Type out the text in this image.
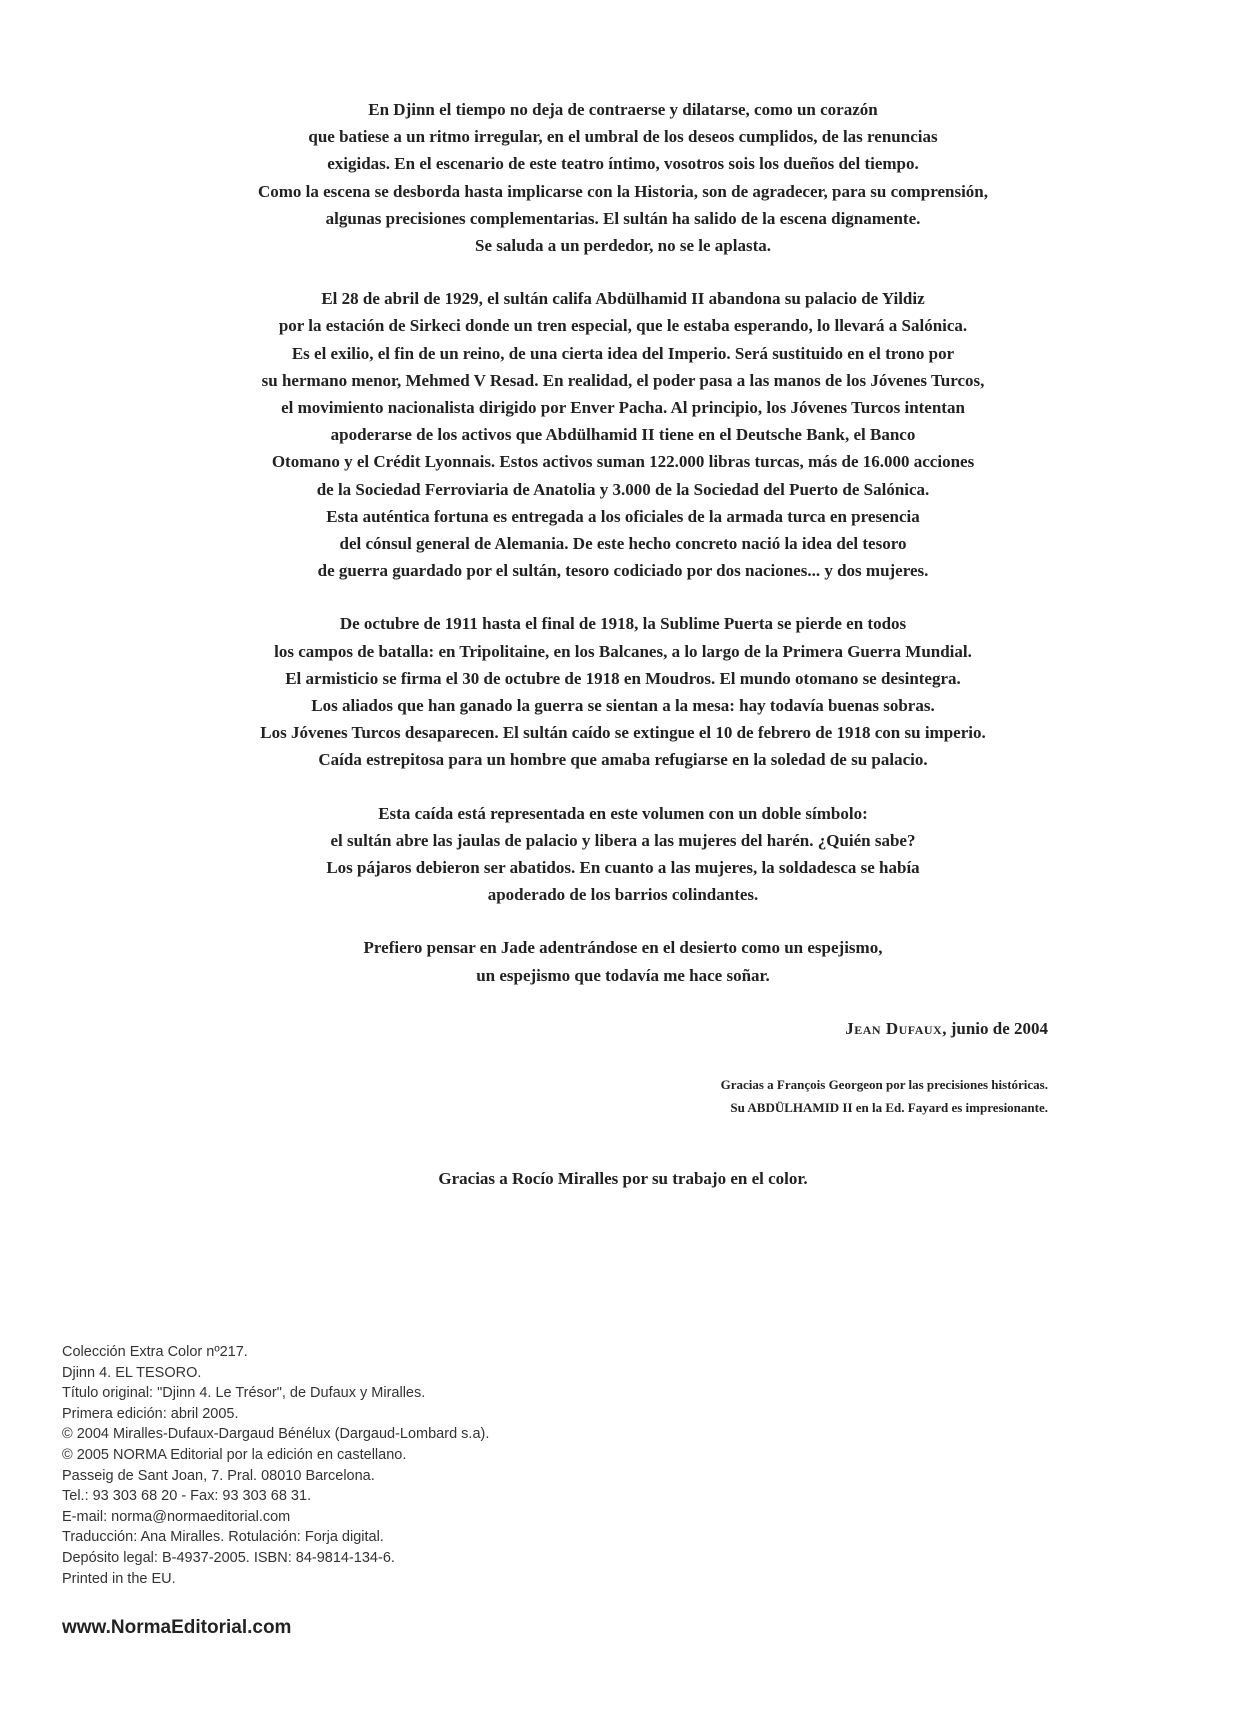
En Djinn el tiempo no deja de contraerse y dilatarse, como un corazón
que batiese a un ritmo irregular, en el umbral de los deseos cumplidos, de las renuncias
exigidas. En el escenario de este teatro íntimo, vosotros sois los dueños del tiempo.
Como la escena se desborda hasta implicarse con la Historia, son de agradecer, para su comprensión,
algunas precisiones complementarias. El sultán ha salido de la escena dignamente.
Se saluda a un perdedor, no se le aplasta.

El 28 de abril de 1929, el sultán califa Abdülhamid II abandona su palacio de Yildiz
por la estación de Sirkeci donde un tren especial, que le estaba esperando, lo llevará a Salónica.
Es el exilio, el fin de un reino, de una cierta idea del Imperio. Será sustituido en el trono por
su hermano menor, Mehmed V Resad. En realidad, el poder pasa a las manos de los Jóvenes Turcos,
el movimiento nacionalista dirigido por Enver Pacha. Al principio, los Jóvenes Turcos intentan
apoderarse de los activos que Abdülhamid II tiene en el Deutsche Bank, el Banco
Otomano y el Crédit Lyonnais. Estos activos suman 122.000 libras turcas, más de 16.000 acciones
de la Sociedad Ferroviaria de Anatolia y 3.000 de la Sociedad del Puerto de Salónica.
Esta auténtica fortuna es entregada a los oficiales de la armada turca en presencia
del cónsul general de Alemania. De este hecho concreto nació la idea del tesoro
de guerra guardado por el sultán, tesoro codiciado por dos naciones... y dos mujeres.

De octubre de 1911 hasta el final de 1918, la Sublime Puerta se pierde en todos
los campos de batalla: en Tripolitaine, en los Balcanes, a lo largo de la Primera Guerra Mundial.
El armisticio se firma el 30 de octubre de 1918 en Moudros. El mundo otomano se desintegra.
Los aliados que han ganado la guerra se sientan a la mesa: hay todavía buenas sobras.
Los Jóvenes Turcos desaparecen. El sultán caído se extingue el 10 de febrero de 1918 con su imperio.
Caída estrepitosa para un hombre que amaba refugiarse en la soledad de su palacio.

Esta caída está representada en este volumen con un doble símbolo:
el sultán abre las jaulas de palacio y libera a las mujeres del harén. ¿Quién sabe?
Los pájaros debieron ser abatidos. En cuanto a las mujeres, la soldadesca se había
apoderado de los barrios colindantes.

Prefiero pensar en Jade adentrándose en el desierto como un espejismo,
un espejismo que todavía me hace soñar.

Jean Dufaux, junio de 2004
Gracias a François Georgeon por las precisiones históricas.
Su ABDÜLHAMID II en la Ed. Fayard es impresionante.
Gracias a Rocío Miralles por su trabajo en el color.
Colección Extra Color nº217.
Djinn 4. EL TESORO.
Título original: "Djinn 4. Le Trésor", de Dufaux y Miralles.
Primera edición: abril 2005.
© 2004 Miralles-Dufaux-Dargaud Bénélux (Dargaud-Lombard s.a).
© 2005 NORMA Editorial por la edición en castellano.
Passeig de Sant Joan, 7. Pral. 08010 Barcelona.
Tel.: 93 303 68 20 - Fax: 93 303 68 31.
E-mail: norma@normaeditorial.com
Traducción: Ana Miralles. Rotulación: Forja digital.
Depósito legal: B-4937-2005. ISBN: 84-9814-134-6.
Printed in the EU.
www.NormaEditorial.com
